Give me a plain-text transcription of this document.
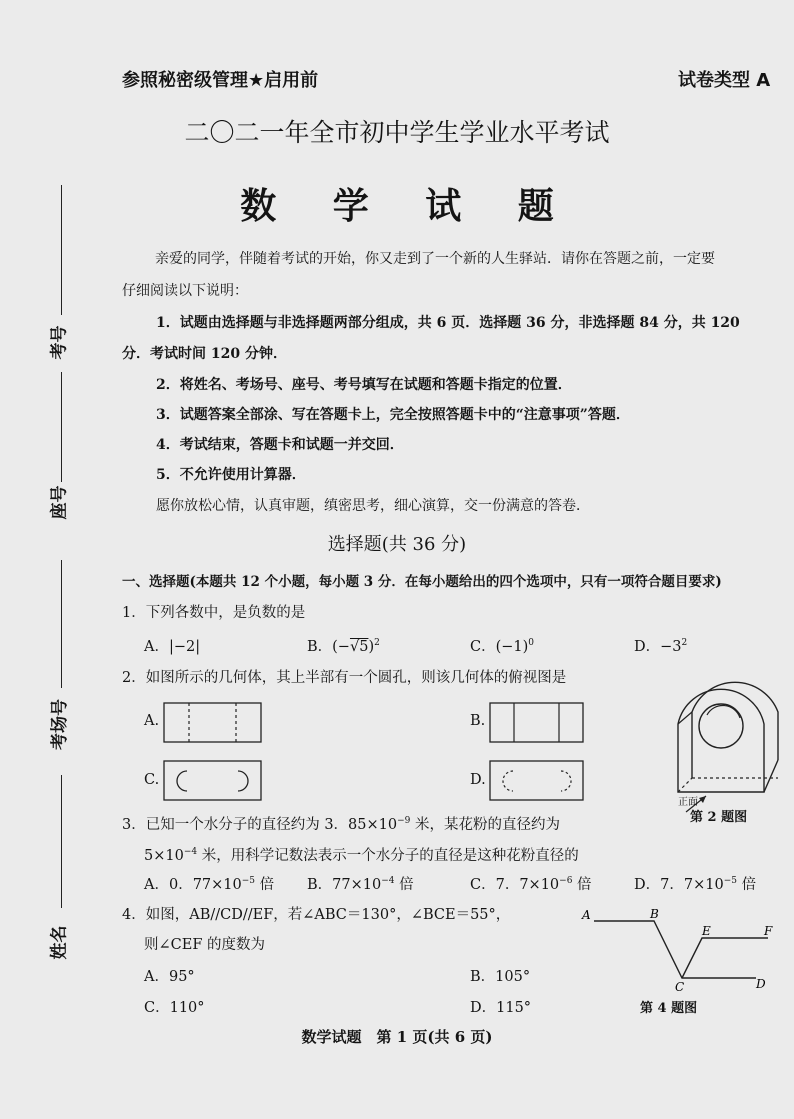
参照秘密级管理★启用前	试卷类型 A
二〇二一年全市初中学生学业水平考试
数 学 试 题
考号
座号
考场号
姓名
亲爱的同学，伴随着考试的开始，你又走到了一个新的人生驿站．请你在答题之前，一定要
仔细阅读以下说明：
1．试题由选择题与非选择题两部分组成，共 6 页．选择题 36 分，非选择题 84 分，共 120
分．考试时间 120 分钟．
2．将姓名、考场号、座号、考号填写在试题和答题卡指定的位置．
3．试题答案全部涂、写在答题卡上，完全按照答题卡中的“注意事项”答题．
4．考试结束，答题卡和试题一并交回．
5．不允许使用计算器．
愿你放松心情，认真审题，缜密思考，细心演算，交一份满意的答卷．
选择题(共 36 分)
一、选择题(本题共 12 个小题，每小题 3 分．在每小题给出的四个选项中，只有一项符合题目要求)
1．下列各数中，是负数的是
A．|−2|	B．$(-√5)^2$	C．$(-1)^0$	D．$-3^2$
2．如图所示的几何体，其上半部有一个圆孔，则该几何体的俯视图是
A.	B.
C.	D.
正面
第 2 题图
3．已知一个水分子的直径约为 3．$85\times 10^{-9}$ 米，某花粉的直径约为
$5\times 10^{-4}$ 米，用科学记数法表示一个水分子的直径是这种花粉直径的
A．0．$77\times 10^{-5}$ 倍 B．$77\times 10^{-4}$ 倍	C．7．$7\times 10^{-6}$ 倍	D．7．$7\times 10^{-5}$ 倍
4．如图，AB//CD//EF，若∠ABC＝130°，∠BCE＝55°，
则∠CEF 的度数为
A．95°	B．105°
C．110°	D．115°
A	B
E	F
C	D
第 4 题图
数学试题　第 1 页(共 6 页)
